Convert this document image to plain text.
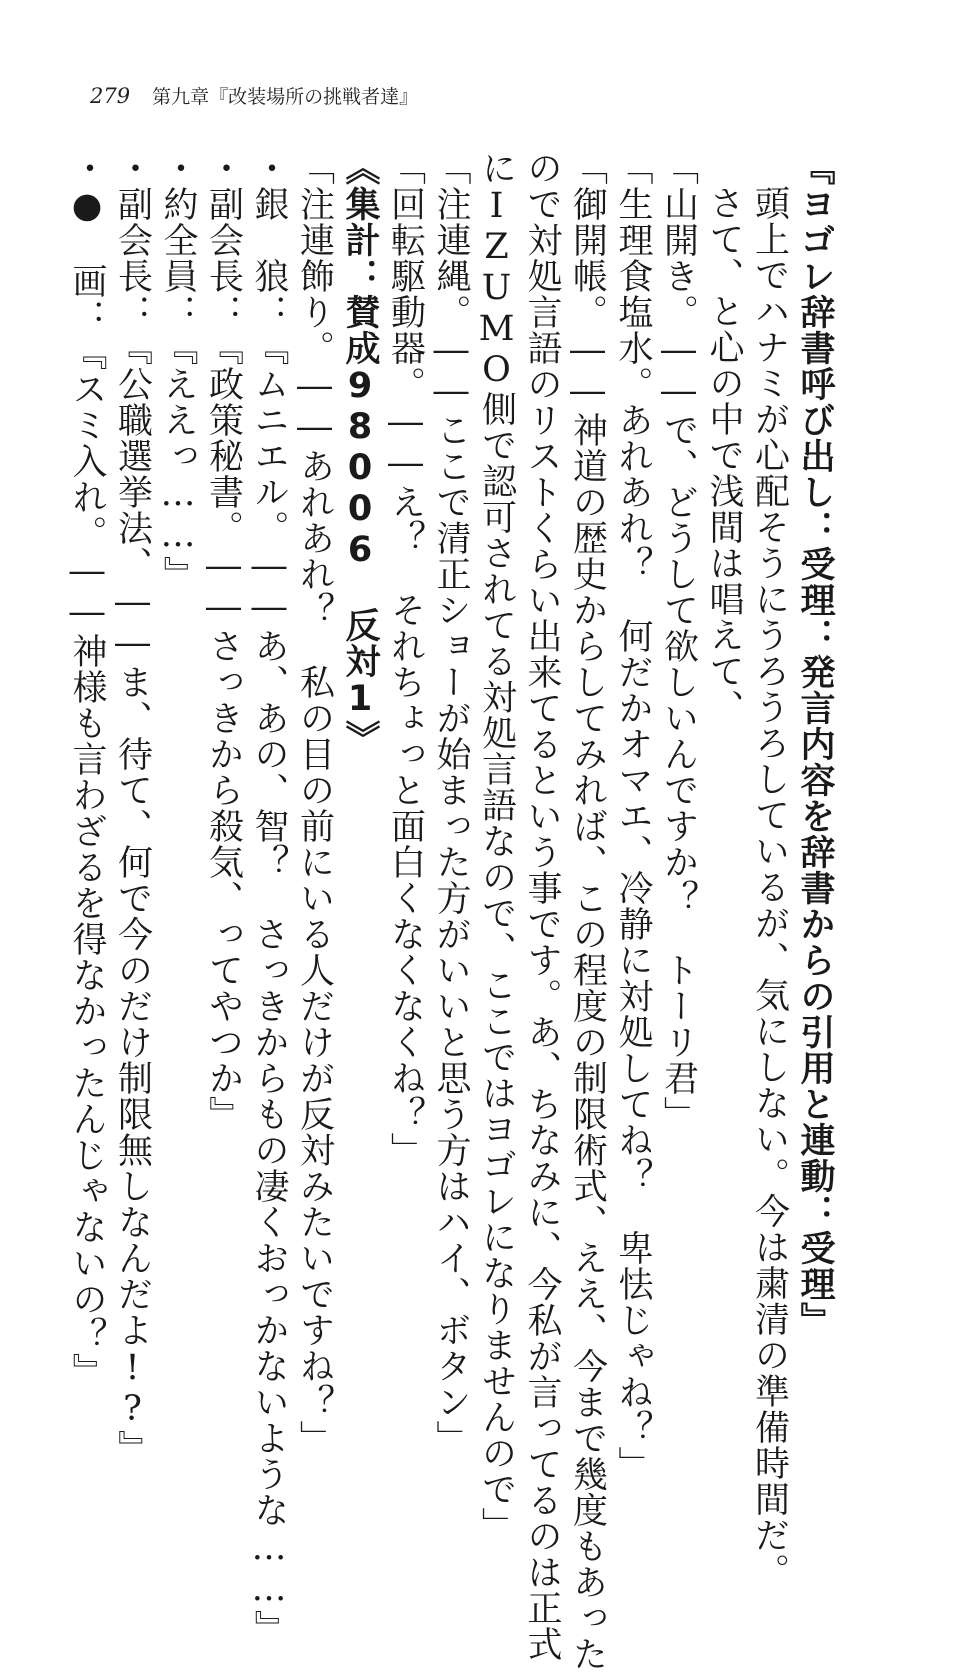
279 第九章『改装場所の挑戦者達』
『ヨゴレ辞書呼び出し：受理：発言内容を辞書からの引用と連動：受理』
頭上でハナミが心配そうにうろうろしているが、気にしない。今は粛清の準備時間だ。
さて、と心の中で浅間は唱えて、
「山開き。――で、どうして欲しいんですか？　トーリ君」
「生理食塩水。あれあれ？　何だかオマエ、冷静に対処してね？　卑怯じゃね？」
「御開帳。――神道の歴史からしてみれば、この程度の制限術式、ええ、今まで幾度もあった
ので対処言語のリストくらい出来てるという事です。あ、ちなみに、今私が言ってるのは正式
にIZUMO側で認可されてる対処言語なので、ここではヨゴレになりませんので」
「注連縄。――ここで清正ショーが始まった方がいいと思う方はハイ、ボタン」
「回転駆動器。――え？　それちょっと面白くなくなくね？」
《集計：賛成98006　反対1》
「注連飾り。――あれあれ？　私の目の前にいる人だけが反対みたいですね？」
・銀　狼：『ムニエル。――あ、あの、智？　さっきからもの凄くおっかないような……』
・副会長：『政策秘書。――さっきから殺気、ってやつか』
・約全員：『ええっ……』
・副会長：『公職選挙法、――ま、待て、何で今のだけ制限無しなんだよ!?』
・●　画：『スミ入れ。――神様も言わざるを得なかったんじゃないの？』
